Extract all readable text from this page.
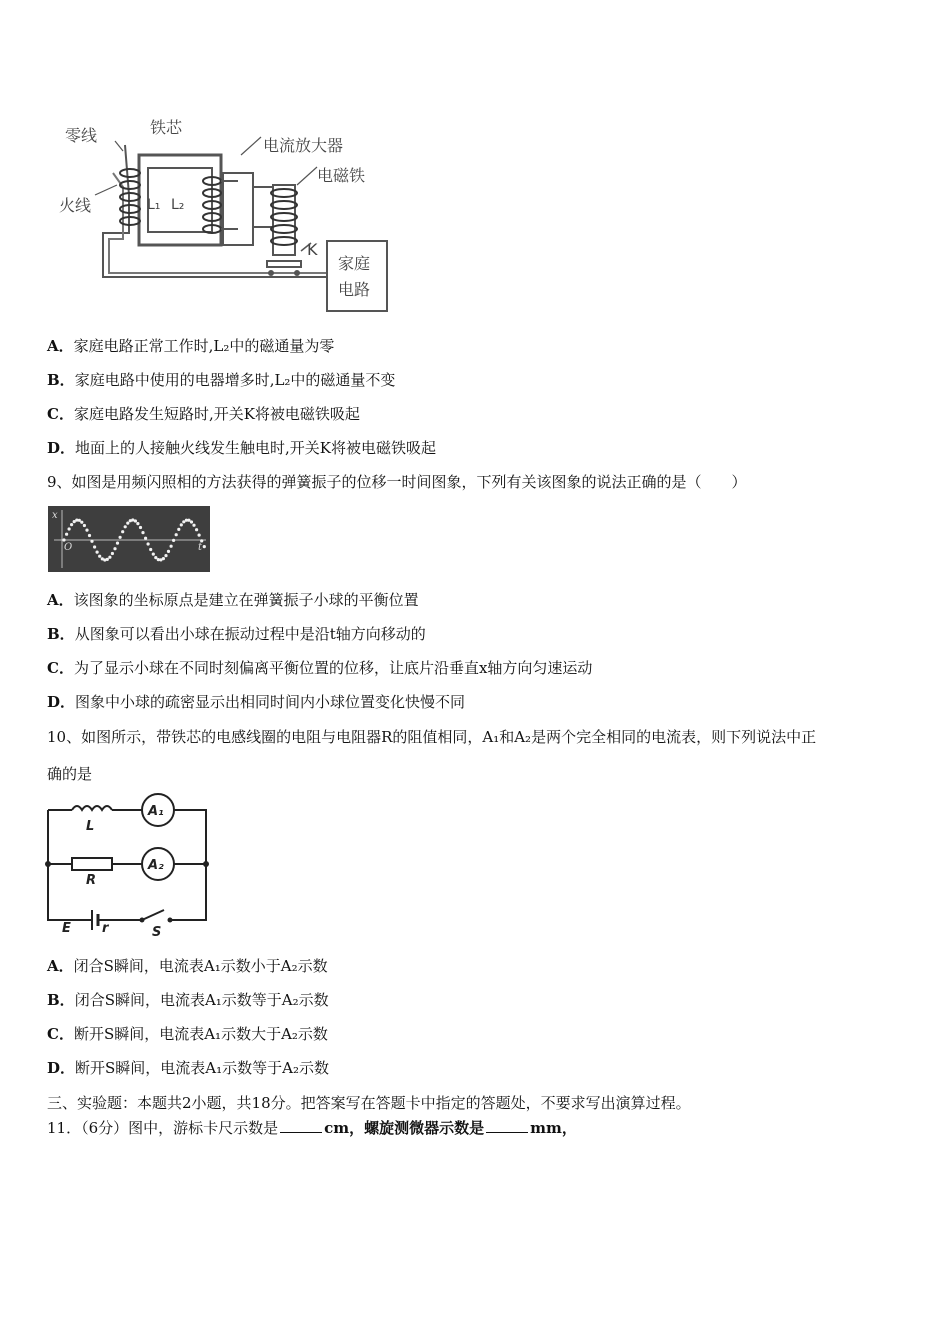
零线	铁芯
火线
电流放大器
电磁铁
L₁ L₂
K
家庭
电路
A．家庭电路正常工作时,L₂中的磁通量为零
B．家庭电路中使用的电器增多时,L₂中的磁通量不变
C．家庭电路发生短路时,开关K将被电磁铁吸起
D．地面上的人接触火线发生触电时,开关K将被电磁铁吸起
9、如图是用频闪照相的方法获得的弹簧振子的位移一时间图象，下列有关该图象的说法正确的是（　　）
x
O	t
A．该图象的坐标原点是建立在弹簧振子小球的平衡位置
B．从图象可以看出小球在振动过程中是沿t轴方向移动的
C．为了显示小球在不同时刻偏离平衡位置的位移，让底片沿垂直x轴方向匀速运动
D．图象中小球的疏密显示出相同时间内小球位置变化快慢不同
10、如图所示，带铁芯的电感线圈的电阻与电阻器R的阻值相同，A₁和A₂是两个完全相同的电流表，则下列说法中正
确的是
L
R
A₁
A₂
E r	S
A．闭合S瞬间，电流表A₁示数小于A₂示数
B．闭合S瞬间，电流表A₁示数等于A₂示数
C．断开S瞬间，电流表A₁示数大于A₂示数
D．断开S瞬间，电流表A₁示数等于A₂示数
三、实验题：本题共2小题，共18分。把答案写在答题卡中指定的答题处，不要求写出演算过程。
11．（6分）图中，游标卡尺示数是	cm，螺旋测微器示数是	mm，
